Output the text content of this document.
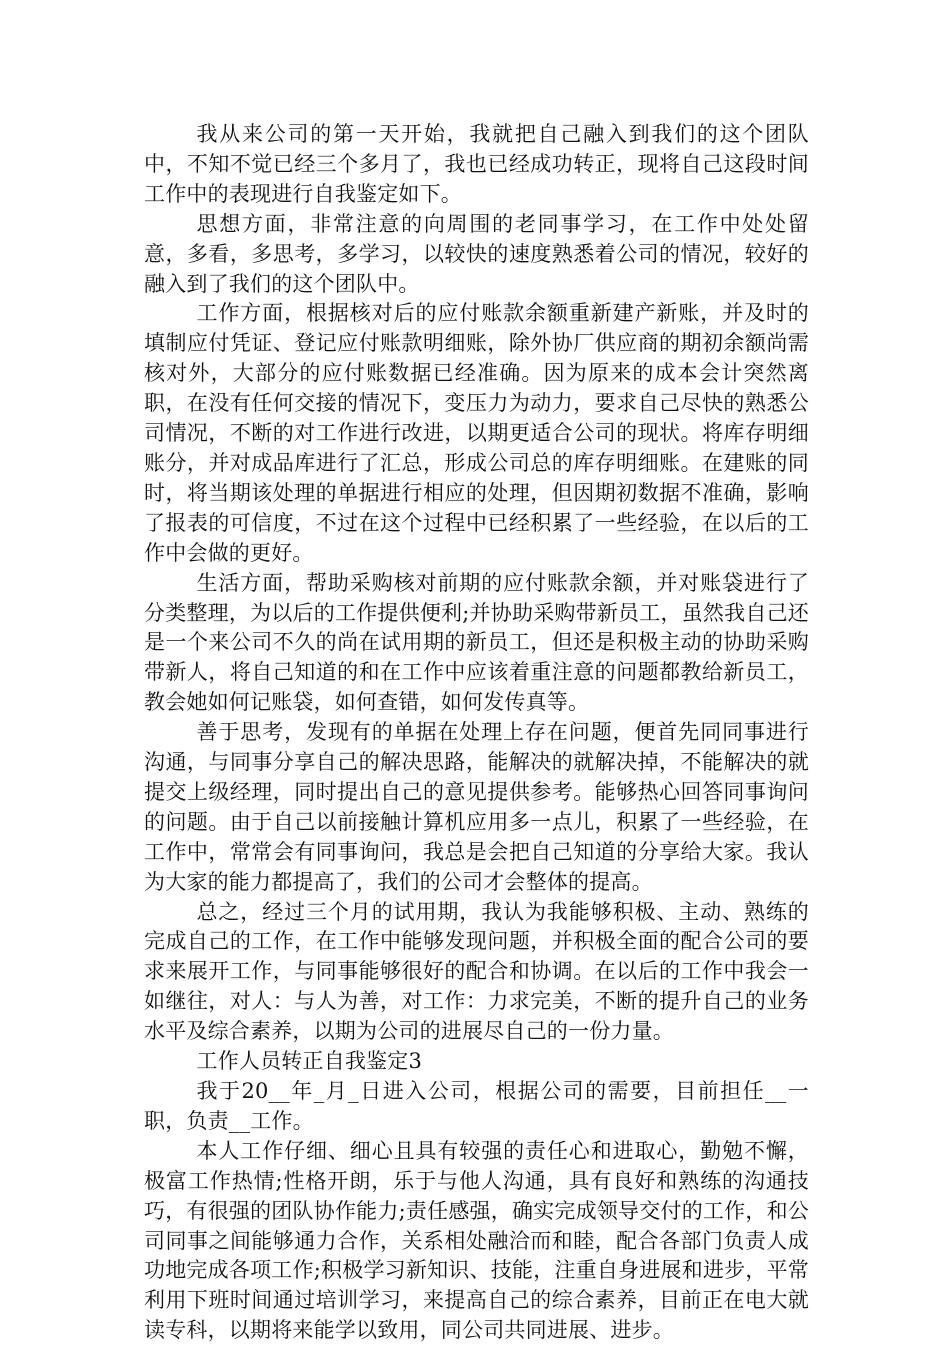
我从来公司的第一天开始，我就把自己融入到我们的这个团队中，不知不觉已经三个多月了，我也已经成功转正，现将自己这段时间工作中的表现进行自我鉴定如下。

思想方面，非常注意的向周围的老同事学习，在工作中处处留意，多看，多思考，多学习，以较快的速度熟悉着公司的情况，较好的融入到了我们的这个团队中。

工作方面，根据核对后的应付账款余额重新建产新账，并及时的填制应付凭证、登记应付账款明细账，除外协厂供应商的期初余额尚需核对外，大部分的应付账数据已经准确。因为原来的成本会计突然离职，在没有任何交接的情况下，变压力为动力，要求自己尽快的熟悉公司情况，不断的对工作进行改进，以期更适合公司的现状。将库存明细账分，并对成品库进行了汇总，形成公司总的库存明细账。在建账的同时，将当期该处理的单据进行相应的处理，但因期初数据不准确，影响了报表的可信度，不过在这个过程中已经积累了一些经验，在以后的工作中会做的更好。

生活方面，帮助采购核对前期的应付账款余额，并对账袋进行了分类整理，为以后的工作提供便利;并协助采购带新员工，虽然我自己还是一个来公司不久的尚在试用期的新员工，但还是积极主动的协助采购带新人，将自己知道的和在工作中应该着重注意的问题都教给新员工，教会她如何记账袋，如何查错，如何发传真等。

善于思考，发现有的单据在处理上存在问题，便首先同同事进行沟通，与同事分享自己的解决思路，能解决的就解决掉，不能解决的就提交上级经理，同时提出自己的意见提供参考。能够热心回答同事询问的问题。由于自己以前接触计算机应用多一点儿，积累了一些经验，在工作中，常常会有同事询问，我总是会把自己知道的分享给大家。我认为大家的能力都提高了，我们的公司才会整体的提高。

总之，经过三个月的试用期，我认为我能够积极、主动、熟练的完成自己的工作，在工作中能够发现问题，并积极全面的配合公司的要求来展开工作，与同事能够很好的配合和协调。在以后的工作中我会一如继往，对人：与人为善，对工作：力求完美，不断的提升自己的业务水平及综合素养，以期为公司的进展尽自己的一份力量。

工作人员转正自我鉴定3

我于20__年_月_日进入公司，根据公司的需要，目前担任__一职，负责__工作。

本人工作仔细、细心且具有较强的责任心和进取心，勤勉不懈，极富工作热情;性格开朗，乐于与他人沟通，具有良好和熟练的沟通技巧，有很强的团队协作能力;责任感强，确实完成领导交付的工作，和公司同事之间能够通力合作，关系相处融洽而和睦，配合各部门负责人成功地完成各项工作;积极学习新知识、技能，注重自身进展和进步，平常利用下班时间通过培训学习，来提高自己的综合素养，目前正在电大就读专科，以期将来能学以致用，同公司共同进展、进步。
